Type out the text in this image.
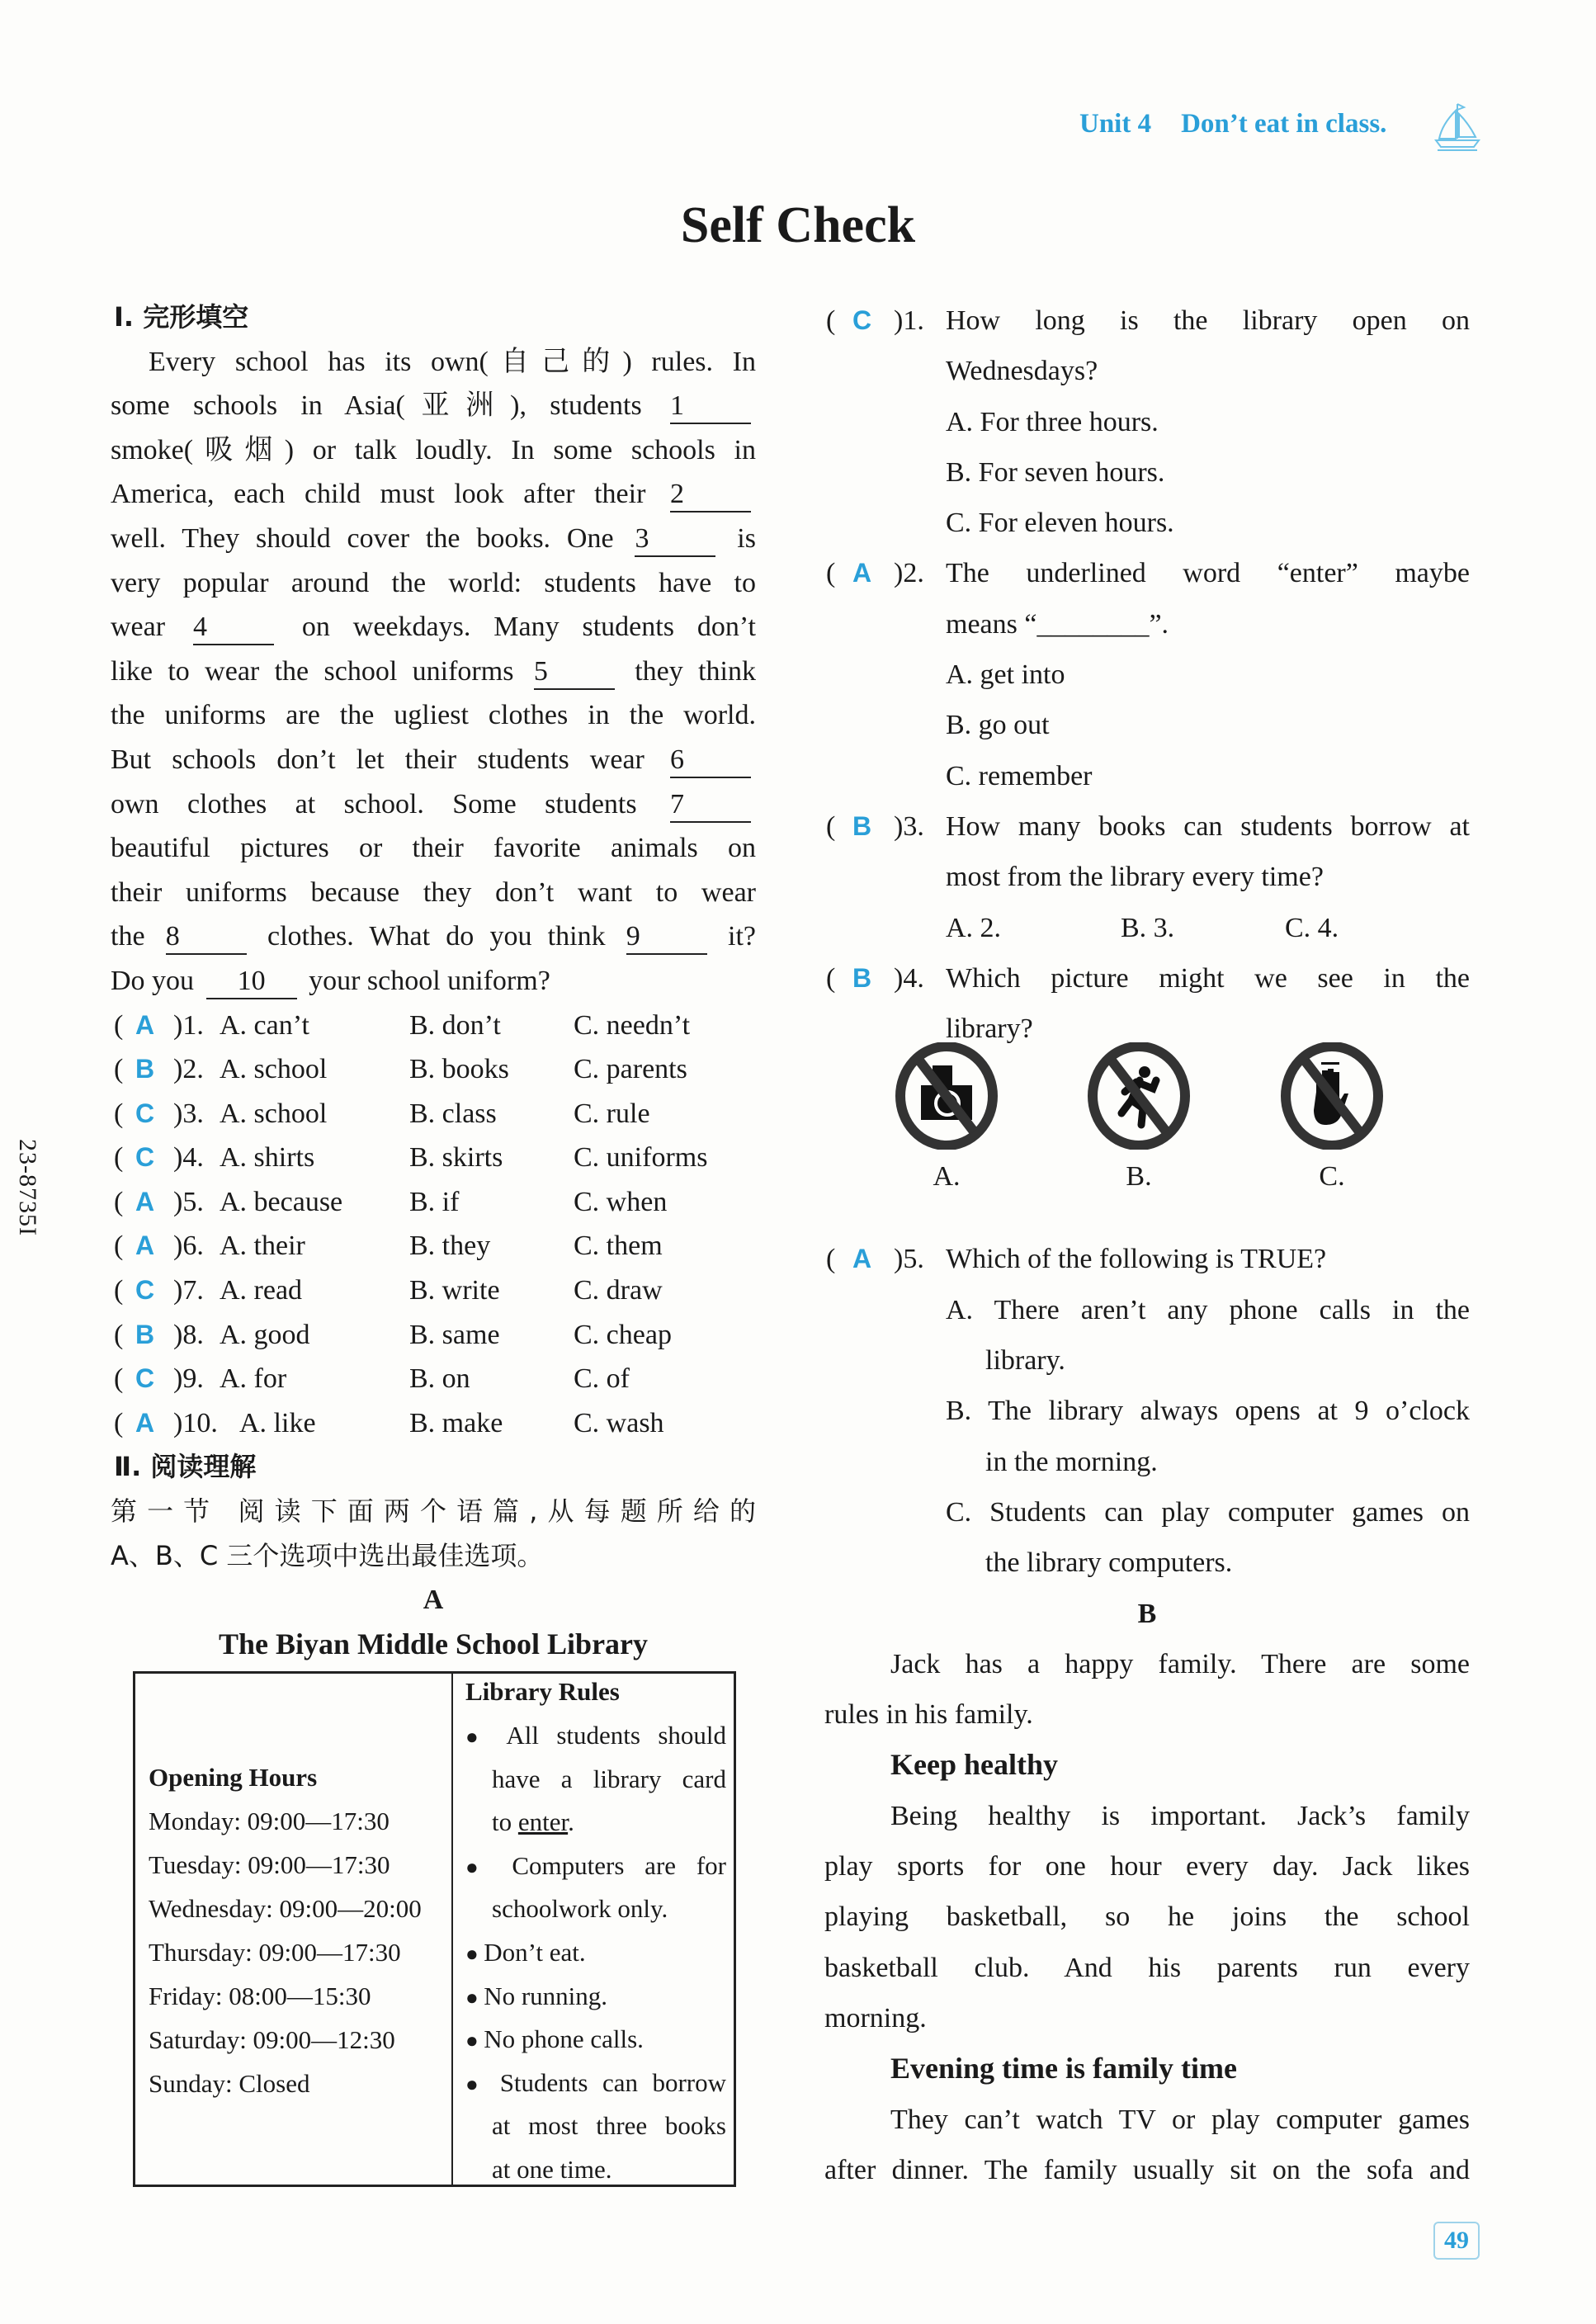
Unit 4 Don’t eat in class.
Self Check
23-8735I
Ⅰ. 完形填空
Every school has its own(自己的) rules. In
some schools in Asia(亚洲), students 1
smoke(吸烟) or talk loudly. In some schools in
America, each child must look after their 2
well. They should cover the books. One 3	is
very popular around the world: students have to
wear 4	on weekdays. Many students don’t
like to wear the school uniforms 5	they think
the uniforms are the ugliest clothes in the world.
But schools don’t let their students wear 6
own clothes at school. Some students 7
beautiful pictures or their favorite animals on
their uniforms because they don’t want to wear
the 8	clothes. What do you think 9	it?
Do you 10 your school uniform?
( A )1. A. can’t	B. don’t	C. needn’t
( B )2. A. school	B. books C. parents
( C )3. A. school	B. class	C. rule
( C )4. A. shirts	B. skirts	C. uniforms
( A )5. A. because B. if	C. when
( A )6. A. their	B. they	C. them
( C )7. A. read	B. write	C. draw
( B )8. A. good	B. same	C. cheap
( C )9. A. for	B. on	C. of
( A )10. A. like	B. make	C. wash
Ⅱ. 阅读理解
第一节 阅读下面两个语篇,从每题所给的
A、B、C 三个选项中选出最佳选项。
A
The Biyan Middle School Library
( C )1. How long is the library open on
Wednesdays?
A. For three hours.
B. For seven hours.
C. For eleven hours.
( A )2. The underlined word “enter” maybe
means “________”.
A. get into
B. go out
C. remember
( B )3. How many books can students borrow at
most from the library every time?
A. 2.	B. 3.	C. 4.
( B )4. Which picture might we see in the
library?
A.	B.	C.
( A )5. Which of the following is TRUE?
A. There aren’t any phone calls in the
library.
B. The library always opens at 9 o’clock
in the morning.
C. Students can play computer games on
the library computers.
B
Jack has a happy family. There are some
rules in his family.
Keep healthy
Being healthy is important. Jack’s family
play sports for one hour every day. Jack likes
playing basketball, so he joins the school
basketball club. And his parents run every
morning.
Evening time is family time
They can’t watch TV or play computer games
after dinner. The family usually sit on the sofa and
49
Opening Hours
Monday: 09:00—17:30
Tuesday: 09:00—17:30
Wednesday: 09:00—20:00
Thursday: 09:00—17:30
Friday: 08:00—15:30
Saturday: 09:00—12:30
Sunday: Closed
Library Rules
● All students should
have a library card
to enter.
● Computers are for
schoolwork only.
● Don’t eat.
● No running.
● No phone calls.
● Students can borrow
at most three books
at one time.
